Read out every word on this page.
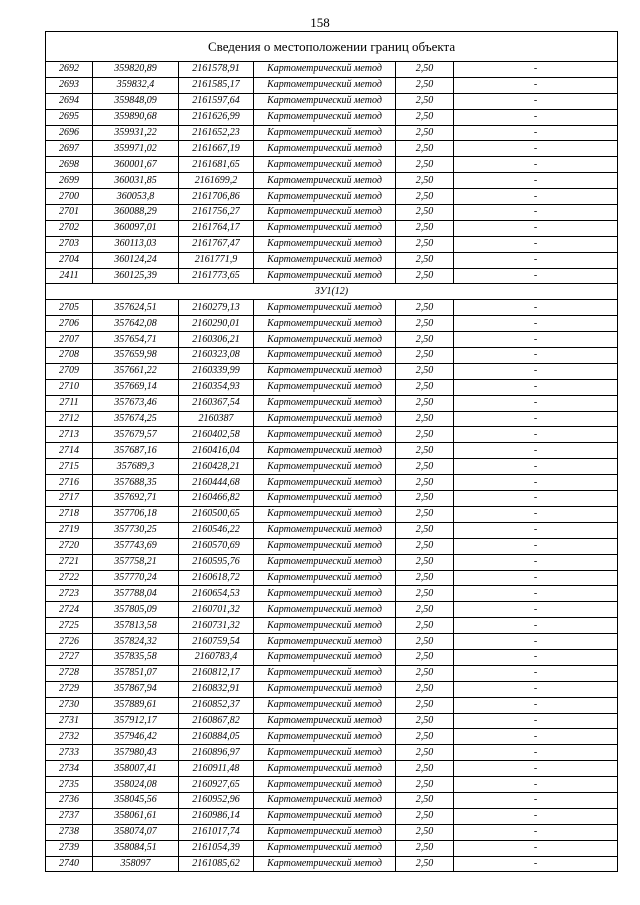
158
Сведения о местоположении границ объекта					
2692	359820,89	2161578,91	Картометрический метод	2,50	-
2693	359832,4	2161585,17	Картометрический метод	2,50	-
2694	359848,09	2161597,64	Картометрический метод	2,50	-
2695	359890,68	2161626,99	Картометрический метод	2,50	-
2696	359931,22	2161652,23	Картометрический метод	2,50	-
2697	359971,02	2161667,19	Картометрический метод	2,50	-
2698	360001,67	2161681,65	Картометрический метод	2,50	-
2699	360031,85	2161699,2	Картометрический метод	2,50	-
2700	360053,8	2161706,86	Картометрический метод	2,50	-
2701	360088,29	2161756,27	Картометрический метод	2,50	-
2702	360097,01	2161764,17	Картометрический метод	2,50	-
2703	360113,03	2161767,47	Картометрический метод	2,50	-
2704	360124,24	2161771,9	Картометрический метод	2,50	-
2411	360125,39	2161773,65	Картометрический метод	2,50	-
ЗУ1(12)					
2705	357624,51	2160279,13	Картометрический метод	2,50	-
2706	357642,08	2160290,01	Картометрический метод	2,50	-
2707	357654,71	2160306,21	Картометрический метод	2,50	-
2708	357659,98	2160323,08	Картометрический метод	2,50	-
2709	357661,22	2160339,99	Картометрический метод	2,50	-
2710	357669,14	2160354,93	Картометрический метод	2,50	-
2711	357673,46	2160367,54	Картометрический метод	2,50	-
2712	357674,25	2160387	Картометрический метод	2,50	-
2713	357679,57	2160402,58	Картометрический метод	2,50	-
2714	357687,16	2160416,04	Картометрический метод	2,50	-
2715	357689,3	2160428,21	Картометрический метод	2,50	-
2716	357688,35	2160444,68	Картометрический метод	2,50	-
2717	357692,71	2160466,82	Картометрический метод	2,50	-
2718	357706,18	2160500,65	Картометрический метод	2,50	-
2719	357730,25	2160546,22	Картометрический метод	2,50	-
2720	357743,69	2160570,69	Картометрический метод	2,50	-
2721	357758,21	2160595,76	Картометрический метод	2,50	-
2722	357770,24	2160618,72	Картометрический метод	2,50	-
2723	357788,04	2160654,53	Картометрический метод	2,50	-
2724	357805,09	2160701,32	Картометрический метод	2,50	-
2725	357813,58	2160731,32	Картометрический метод	2,50	-
2726	357824,32	2160759,54	Картометрический метод	2,50	-
2727	357835,58	2160783,4	Картометрический метод	2,50	-
2728	357851,07	2160812,17	Картометрический метод	2,50	-
2729	357867,94	2160832,91	Картометрический метод	2,50	-
2730	357889,61	2160852,37	Картометрический метод	2,50	-
2731	357912,17	2160867,82	Картометрический метод	2,50	-
2732	357946,42	2160884,05	Картометрический метод	2,50	-
2733	357980,43	2160896,97	Картометрический метод	2,50	-
2734	358007,41	2160911,48	Картометрический метод	2,50	-
2735	358024,08	2160927,65	Картометрический метод	2,50	-
2736	358045,56	2160952,96	Картометрический метод	2,50	-
2737	358061,61	2160986,14	Картометрический метод	2,50	-
2738	358074,07	2161017,74	Картометрический метод	2,50	-
2739	358084,51	2161054,39	Картометрический метод	2,50	-
2740	358097	2161085,62	Картометрический метод	2,50	-
